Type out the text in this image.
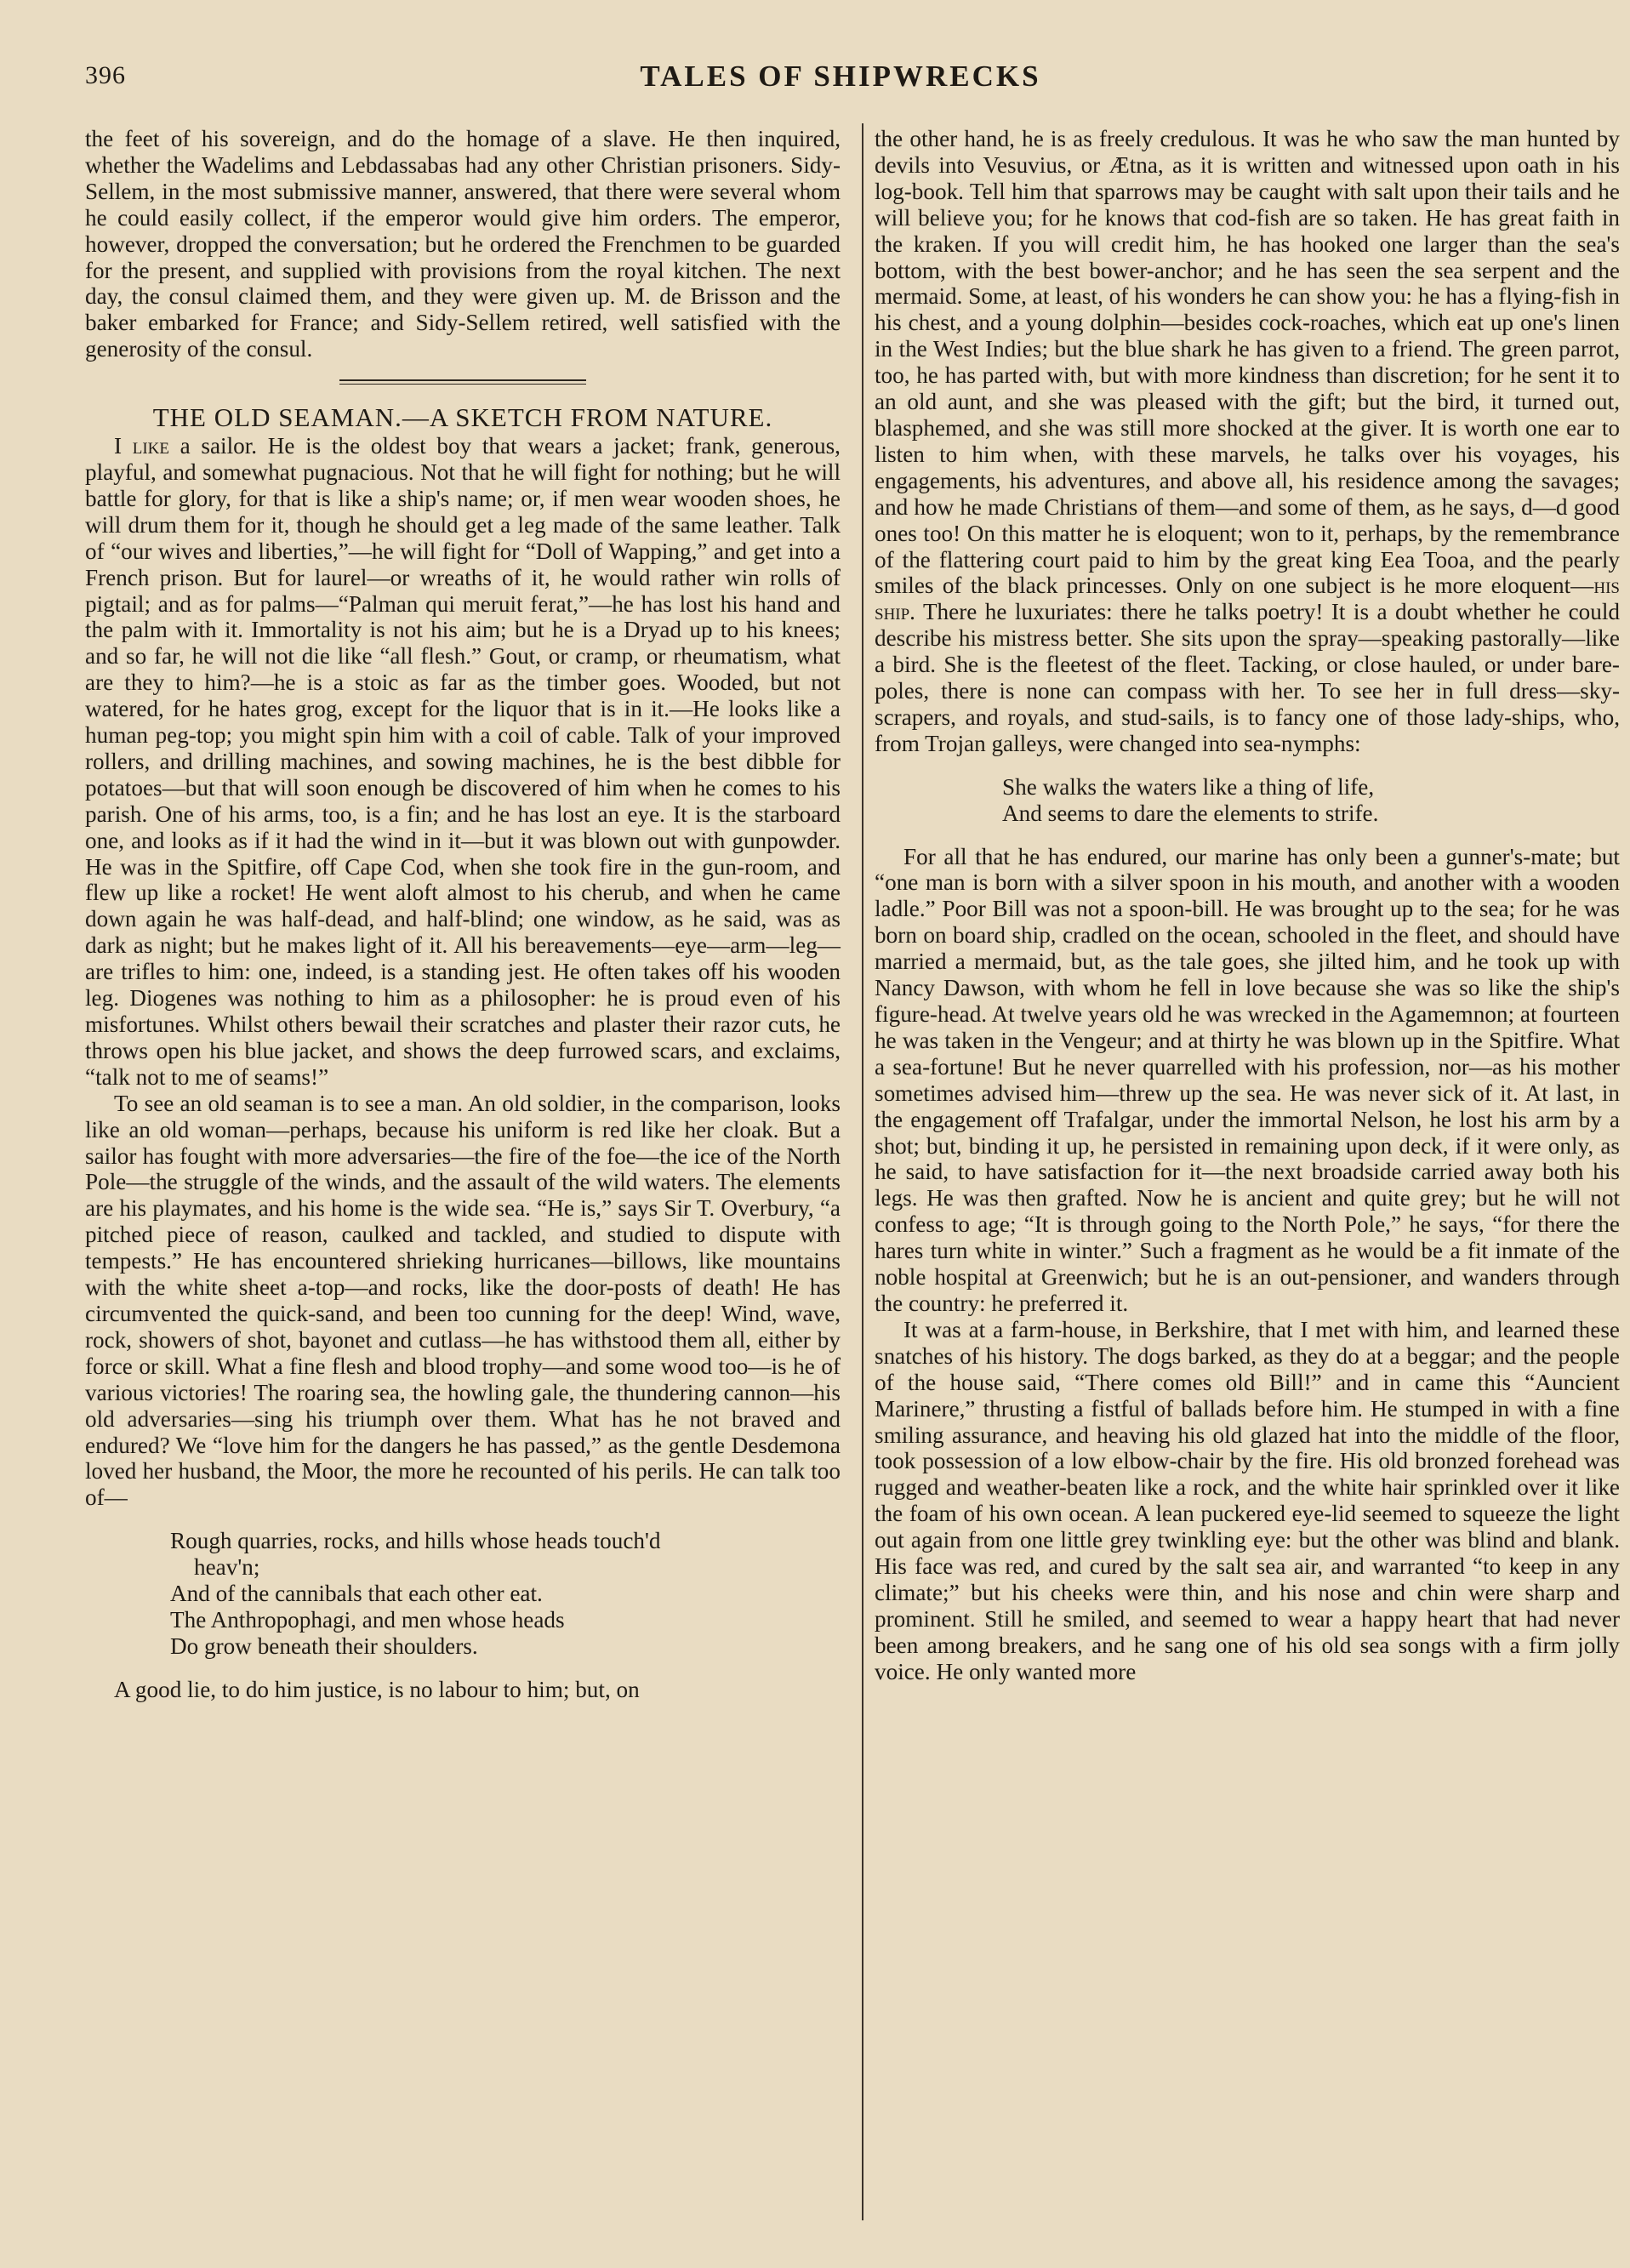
396	TALES OF SHIPWRECKS

the feet of his sovereign, and do the homage of a slave. He then inquired, whether the Wadelims and Lebdassabas had any other Christian prisoners. Sidy-Sellem, in the most submissive manner, answered, that there were several whom he could easily collect, if the emperor would give him orders. The emperor, however, dropped the conversation; but he ordered the Frenchmen to be guarded for the present, and supplied with provisions from the royal kitchen. The next day, the consul claimed them, and they were given up. M. de Brisson and the baker embarked for France; and Sidy-Sellem retired, well satisfied with the generosity of the consul.

THE OLD SEAMAN.—A SKETCH FROM NATURE.

I like a sailor. He is the oldest boy that wears a jacket; frank, generous, playful, and somewhat pugnacious. Not that he will fight for nothing; but he will battle for glory, for that is like a ship's name; or, if men wear wooden shoes, he will drum them for it, though he should get a leg made of the same leather. Talk of “our wives and liberties,”—he will fight for “Doll of Wapping,” and get into a French prison. But for laurel—or wreaths of it, he would rather win rolls of pigtail; and as for palms—“Palman qui meruit ferat,”—he has lost his hand and the palm with it. Immortality is not his aim; but he is a Dryad up to his knees; and so far, he will not die like “all flesh.” Gout, or cramp, or rheumatism, what are they to him?—he is a stoic as far as the timber goes. Wooded, but not watered, for he hates grog, except for the liquor that is in it.—He looks like a human peg-top; you might spin him with a coil of cable. Talk of your improved rollers, and drilling machines, and sowing machines, he is the best dibble for potatoes—but that will soon enough be discovered of him when he comes to his parish. One of his arms, too, is a fin; and he has lost an eye. It is the starboard one, and looks as if it had the wind in it—but it was blown out with gunpowder. He was in the Spitfire, off Cape Cod, when she took fire in the gun-room, and flew up like a rocket! He went aloft almost to his cherub, and when he came down again he was half-dead, and half-blind; one window, as he said, was as dark as night; but he makes light of it. All his bereavements—eye—arm—leg—are trifles to him: one, indeed, is a standing jest. He often takes off his wooden leg. Diogenes was nothing to him as a philosopher: he is proud even of his misfortunes. Whilst others bewail their scratches and plaster their razor cuts, he throws open his blue jacket, and shows the deep furrowed scars, and exclaims, “talk not to me of seams!”

To see an old seaman is to see a man. An old soldier, in the comparison, looks like an old woman—perhaps, because his uniform is red like her cloak. But a sailor has fought with more adversaries—the fire of the foe—the ice of the North Pole—the struggle of the winds, and the assault of the wild waters. The elements are his playmates, and his home is the wide sea. “He is,” says Sir T. Overbury, “a pitched piece of reason, caulked and tackled, and studied to dispute with tempests.” He has encountered shrieking hurricanes—billows, like mountains with the white sheet a-top—and rocks, like the door-posts of death! He has circumvented the quick-sand, and been too cunning for the deep! Wind, wave, rock, showers of shot, bayonet and cutlass—he has withstood them all, either by force or skill. What a fine flesh and blood trophy—and some wood too—is he of various victories! The roaring sea, the howling gale, the thundering cannon—his old adversaries—sing his triumph over them. What has he not braved and endured? We “love him for the dangers he has passed,” as the gentle Desdemona loved her husband, the Moor, the more he recounted of his perils. He can talk too of—

Rough quarries, rocks, and hills whose heads touch'd
heav'n;
And of the cannibals that each other eat.
The Anthropophagi, and men whose heads
Do grow beneath their shoulders.

A good lie, to do him justice, is no labour to him; but, on

the other hand, he is as freely credulous. It was he who saw the man hunted by devils into Vesuvius, or Ætna, as it is written and witnessed upon oath in his log-book. Tell him that sparrows may be caught with salt upon their tails and he will believe you; for he knows that cod-fish are so taken. He has great faith in the kraken. If you will credit him, he has hooked one larger than the sea's bottom, with the best bower-anchor; and he has seen the sea serpent and the mermaid. Some, at least, of his wonders he can show you: he has a flying-fish in his chest, and a young dolphin—besides cock-roaches, which eat up one's linen in the West Indies; but the blue shark he has given to a friend. The green parrot, too, he has parted with, but with more kindness than discretion; for he sent it to an old aunt, and she was pleased with the gift; but the bird, it turned out, blasphemed, and she was still more shocked at the giver. It is worth one ear to listen to him when, with these marvels, he talks over his voyages, his engagements, his adventures, and above all, his residence among the savages; and how he made Christians of them—and some of them, as he says, d—d good ones too! On this matter he is eloquent; won to it, perhaps, by the remembrance of the flattering court paid to him by the great king Eea Tooa, and the pearly smiles of the black princesses. Only on one subject is he more eloquent—his ship. There he luxuriates: there he talks poetry! It is a doubt whether he could describe his mistress better. She sits upon the spray—speaking pastorally—like a bird. She is the fleetest of the fleet. Tacking, or close hauled, or under bare-poles, there is none can compass with her. To see her in full dress—sky-scrapers, and royals, and stud-sails, is to fancy one of those lady-ships, who, from Trojan galleys, were changed into sea-nymphs:

She walks the waters like a thing of life,
And seems to dare the elements to strife.

For all that he has endured, our marine has only been a gunner's-mate; but “one man is born with a silver spoon in his mouth, and another with a wooden ladle.” Poor Bill was not a spoon-bill. He was brought up to the sea; for he was born on board ship, cradled on the ocean, schooled in the fleet, and should have married a mermaid, but, as the tale goes, she jilted him, and he took up with Nancy Dawson, with whom he fell in love because she was so like the ship's figure-head. At twelve years old he was wrecked in the Agamemnon; at fourteen he was taken in the Vengeur; and at thirty he was blown up in the Spitfire. What a sea-fortune! But he never quarrelled with his profession, nor—as his mother sometimes advised him—threw up the sea. He was never sick of it. At last, in the engagement off Trafalgar, under the immortal Nelson, he lost his arm by a shot; but, binding it up, he persisted in remaining upon deck, if it were only, as he said, to have satisfaction for it—the next broadside carried away both his legs. He was then grafted. Now he is ancient and quite grey; but he will not confess to age; “It is through going to the North Pole,” he says, “for there the hares turn white in winter.” Such a fragment as he would be a fit inmate of the noble hospital at Greenwich; but he is an out-pensioner, and wanders through the country: he preferred it.

It was at a farm-house, in Berkshire, that I met with him, and learned these snatches of his history. The dogs barked, as they do at a beggar; and the people of the house said, “There comes old Bill!” and in came this “Auncient Marinere,” thrusting a fistful of ballads before him. He stumped in with a fine smiling assurance, and heaving his old glazed hat into the middle of the floor, took possession of a low elbow-chair by the fire. His old bronzed forehead was rugged and weather-beaten like a rock, and the white hair sprinkled over it like the foam of his own ocean. A lean puckered eye-lid seemed to squeeze the light out again from one little grey twinkling eye: but the other was blind and blank. His face was red, and cured by the salt sea air, and warranted “to keep in any climate;” but his cheeks were thin, and his nose and chin were sharp and prominent. Still he smiled, and seemed to wear a happy heart that had never been among breakers, and he sang one of his old sea songs with a firm jolly voice. He only wanted more
